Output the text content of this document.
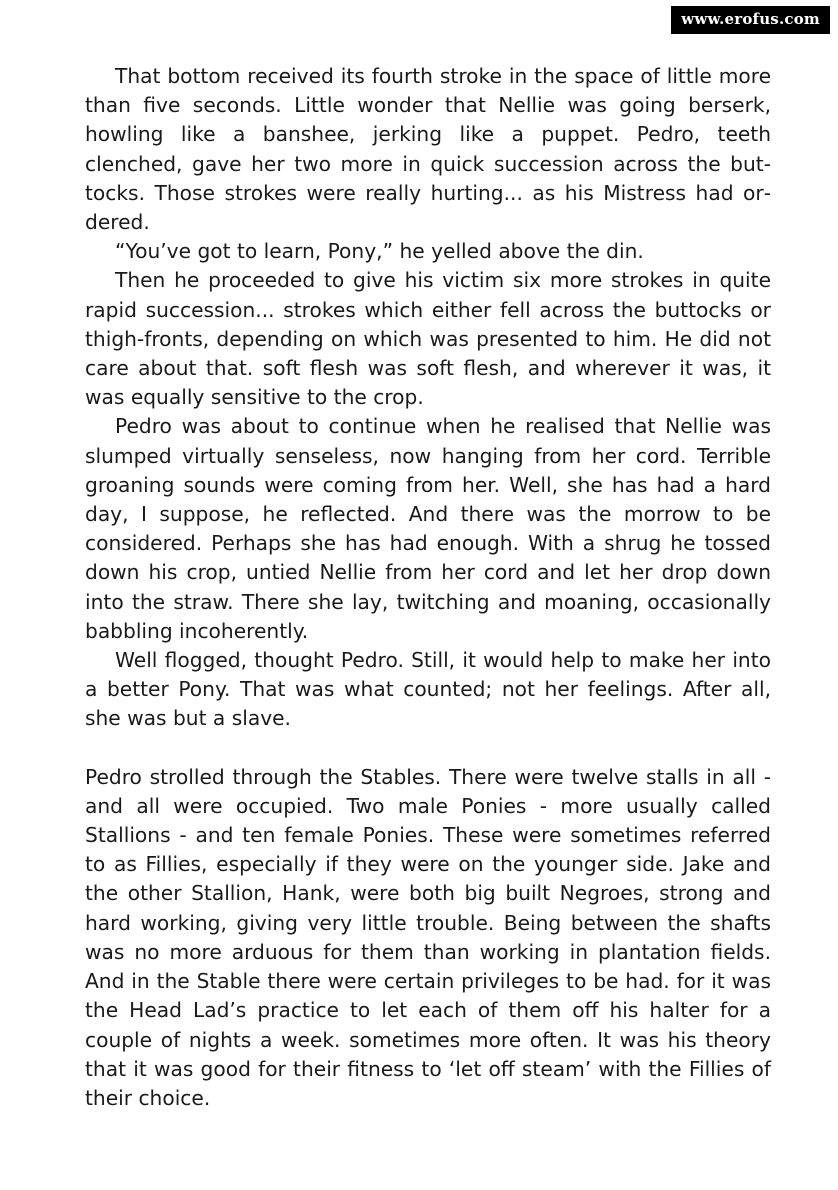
www.erofus.com

That bottom received its fourth stroke in the space of little more than five seconds. Little wonder that Nellie was going berserk, howling like a banshee, jerking like a puppet. Pedro, teeth clenched, gave her two more in quick succession across the buttocks. Those strokes were really hurting... as his Mistress had ordered.

“You’ve got to learn, Pony,” he yelled above the din.

Then he proceeded to give his victim six more strokes in quite rapid succession... strokes which either fell across the buttocks or thigh-fronts, depending on which was presented to him. He did not care about that. soft flesh was soft flesh, and wherever it was, it was equally sensitive to the crop.

Pedro was about to continue when he realised that Nellie was slumped virtually senseless, now hanging from her cord. Terrible groaning sounds were coming from her. Well, she has had a hard day, I suppose, he reflected. And there was the morrow to be considered. Perhaps she has had enough. With a shrug he tossed down his crop, untied Nellie from her cord and let her drop down into the straw. There she lay, twitching and moaning, occasionally babbling incoherently.

Well flogged, thought Pedro. Still, it would help to make her into a better Pony. That was what counted; not her feelings. After all, she was but a slave.

Pedro strolled through the Stables. There were twelve stalls in all - and all were occupied. Two male Ponies - more usually called Stallions - and ten female Ponies. These were sometimes referred to as Fillies, especially if they were on the younger side. Jake and the other Stallion, Hank, were both big built Negroes, strong and hard working, giving very little trouble. Being between the shafts was no more arduous for them than working in plantation fields. And in the Stable there were certain privileges to be had. for it was the Head Lad’s practice to let each of them off his halter for a couple of nights a week. sometimes more often. It was his theory that it was good for their fitness to ‘let off steam’ with the Fillies of their choice.
